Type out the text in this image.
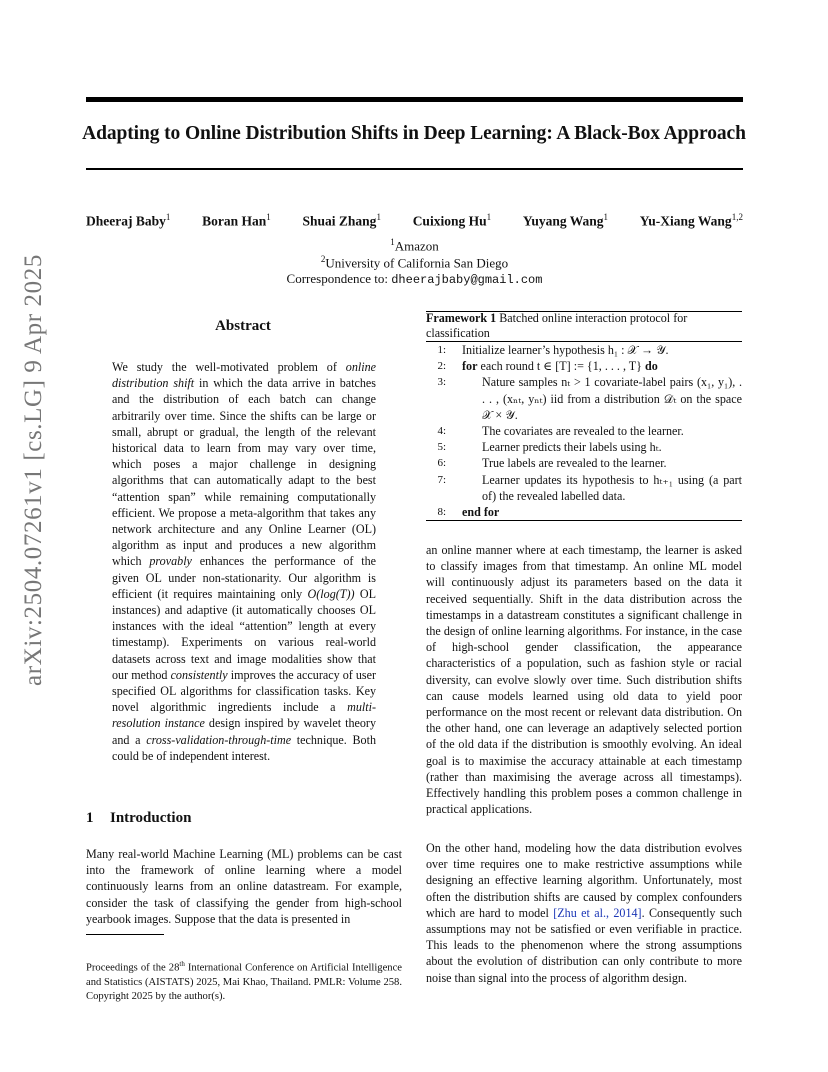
arXiv:2504.07261v1 [cs.LG] 9 Apr 2025
Adapting to Online Distribution Shifts in Deep Learning: A Black-Box Approach
Dheeraj Baby$^1$ Boran Han$^1$ Shuai Zhang$^1$ Cuixiong Hu$^1$ Yuyang Wang$^1$ Yu-Xiang Wang$^{1,2}$
$^1$Amazon
$^2$University of California San Diego
Correspondence to: dheerajbaby@gmail.com
Abstract
We study the well-motivated problem of online distribution shift in which the data arrive in batches and the distribution of each batch can change arbitrarily over time. Since the shifts can be large or small, abrupt or gradual, the length of the relevant historical data to learn from may vary over time, which poses a major challenge in designing algorithms that can automatically adapt to the best “attention span” while remaining computationally efficient. We propose a meta-algorithm that takes any network architecture and any Online Learner (OL) algorithm as input and produces a new algorithm which provably enhances the performance of the given OL under non-stationarity. Our algorithm is efficient (it requires maintaining only O(log(T)) OL instances) and adaptive (it automatically chooses OL instances with the ideal “attention” length at every timestamp). Experiments on various real-world datasets across text and image modalities show that our method consistently improves the accuracy of user specified OL algorithms for classification tasks. Key novel algorithmic ingredients include a multi-resolution instance design inspired by wavelet theory and a cross-validation-through-time technique. Both could be of independent interest.
1 Introduction
Many real-world Machine Learning (ML) problems can be cast into the framework of online learning where a model continuously learns from an online datastream. For example, consider the task of classifying the gender from high-school yearbook images. Suppose that the data is presented in
Proceedings of the 28th International Conference on Artificial Intelligence and Statistics (AISTATS) 2025, Mai Khao, Thailand. PMLR: Volume 258. Copyright 2025 by the author(s).
Framework 1 Batched online interaction protocol for classification
1:	Initialize learner’s hypothesis h₁ : 𝒳 → 𝒴.
2:	for each round t ∈ [T] := {1, . . . , T} do
3:	Nature samples nₜ > 1 covariate-label pairs (x₁, y₁), . . . , (xₙₜ, yₙₜ) iid from a distribution 𝒟ₜ on the space 𝒳 × 𝒴.
4:	The covariates are revealed to the learner.
5:	Learner predicts their labels using hₜ.
6:	True labels are revealed to the learner.
7:	Learner updates its hypothesis to hₜ₊₁ using (a part of) the revealed labelled data.
8:	end for
an online manner where at each timestamp, the learner is asked to classify images from that timestamp. An online ML model will continuously adjust its parameters based on the data it received sequentially. Shift in the data distribution across the timestamps in a datastream constitutes a significant challenge in the design of online learning algorithms. For instance, in the case of high-school gender classification, the appearance characteristics of a population, such as fashion style or racial diversity, can evolve slowly over time. Such distribution shifts can cause models learned using old data to yield poor performance on the most recent or relevant data distribution. On the other hand, one can leverage an adaptively selected portion of the old data if the distribution is smoothly evolving. An ideal goal is to maximise the accuracy attainable at each timestamp (rather than maximising the average across all timestamps). Effectively handling this problem poses a common challenge in practical applications.
On the other hand, modeling how the data distribution evolves over time requires one to make restrictive assumptions while designing an effective learning algorithm. Unfortunately, most often the distribution shifts are caused by complex confounders which are hard to model [Zhu et al., 2014]. Consequently such assumptions may not be satisfied or even verifiable in practice. This leads to the phenomenon where the strong assumptions about the evolution of distribution can only contribute to more noise than signal into the process of algorithm design.
